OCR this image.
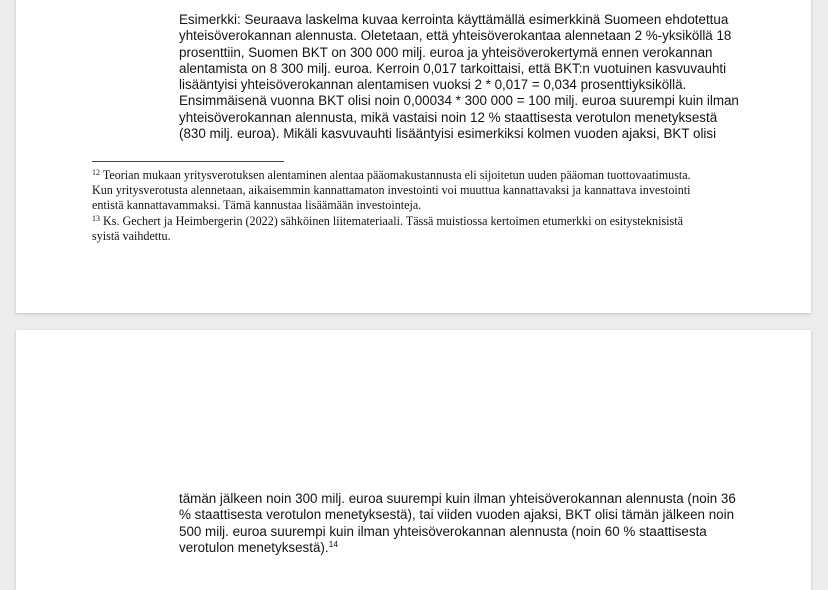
Esimerkki: Seuraava laskelma kuvaa kerrointa käyttämällä esimerkkinä Suomeen ehdotettua
yhteisöverokannan alennusta. Oletetaan, että yhteisöverokantaa alennetaan 2 %-yksiköllä 18
prosenttiin, Suomen BKT on 300 000 milj. euroa ja yhteisöverokertymä ennen verokannan
alentamista on 8 300 milj. euroa. Kerroin 0,017 tarkoittaisi, että BKT:n vuotuinen kasvuvauhti
lisääntyisi yhteisöverokannan alentamisen vuoksi 2 * 0,017 = 0,034 prosenttiyksiköllä.
Ensimmäisenä vuonna BKT olisi noin 0,00034 * 300 000 = 100 milj. euroa suurempi kuin ilman
yhteisöverokannan alennusta, mikä vastaisi noin 12 % staattisesta verotulon menetyksestä
(830 milj. euroa). Mikäli kasvuvauhti lisääntyisi esimerkiksi kolmen vuoden ajaksi, BKT olisi

$^{12}$ Teorian mukaan yritysverotuksen alentaminen alentaa pääomakustannusta eli sijoitetun uuden pääoman tuottovaatimusta.
Kun yritysverotusta alennetaan, aikaisemmin kannattamaton investointi voi muuttua kannattavaksi ja kannattava investointi
entistä kannattavammaksi. Tämä kannustaa lisäämään investointeja.
$^{13}$ Ks. Gechert ja Heimbergerin (2022) sähköinen liitemateriaali. Tässä muistiossa kertoimen etumerkki on esitysteknisistä
syistä vaihdettu.

tämän jälkeen noin 300 milj. euroa suurempi kuin ilman yhteisöverokannan alennusta (noin 36
% staattisesta verotulon menetyksestä), tai viiden vuoden ajaksi, BKT olisi tämän jälkeen noin
500 milj. euroa suurempi kuin ilman yhteisöverokannan alennusta (noin 60 % staattisesta
verotulon menetyksestä).$^{14}$
